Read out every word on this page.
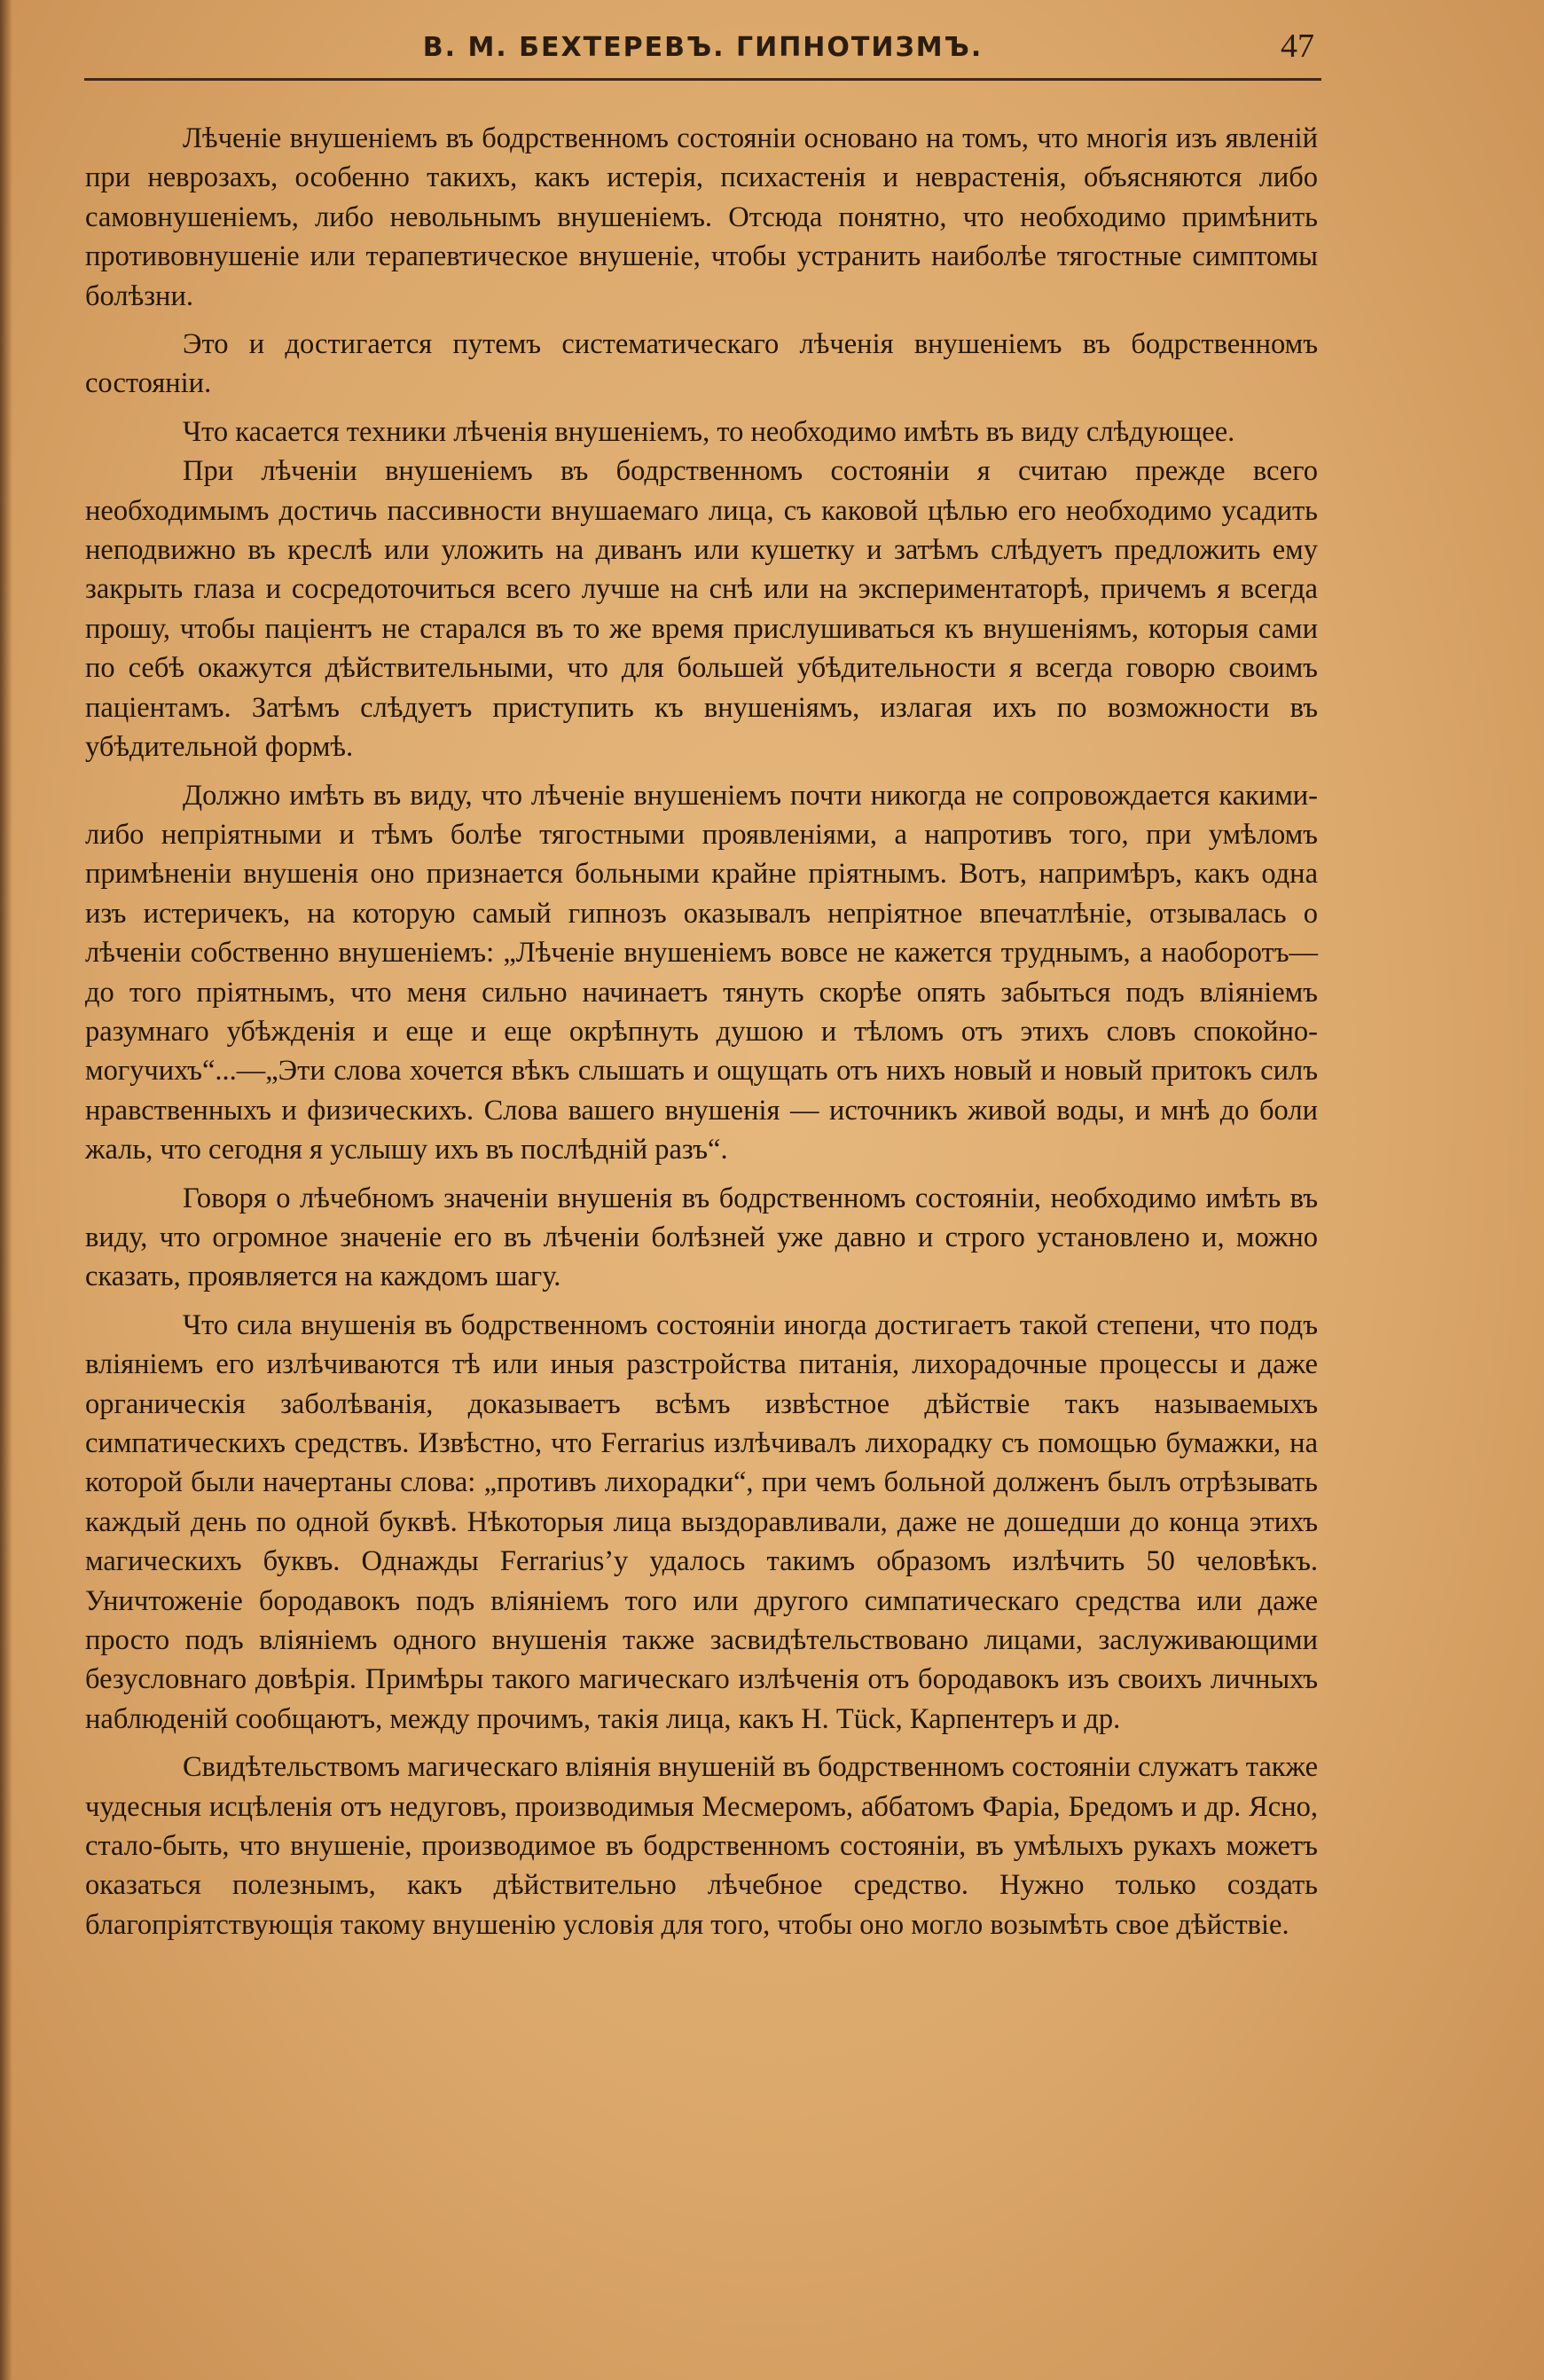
В. М. БЕХТЕРЕВЪ. ГИПНОТИЗМЪ.	47

Лѣченіе внушеніемъ въ бодрственномъ состояніи основано на томъ, что многія изъ явленій при неврозахъ, особенно такихъ, какъ истерія, психастенія и неврастенія, объясняются либо самовнушеніемъ, либо невольнымъ внушеніемъ. Отсюда понятно, что необходимо примѣнить противовнушеніе или терапевтическое внушеніе, чтобы устранить наиболѣе тягостные симптомы болѣзни.

Это и достигается путемъ систематическаго лѣченія внушеніемъ въ бодрственномъ состояніи.

Что касается техники лѣченія внушеніемъ, то необходимо имѣть въ виду слѣдующее.

При лѣченіи внушеніемъ въ бодрственномъ состояніи я считаю прежде всего необходимымъ достичь пассивности внушаемаго лица, съ каковой цѣлью его необходимо усадить неподвижно въ креслѣ или уложить на диванъ или кушетку и затѣмъ слѣдуетъ предложить ему закрыть глаза и сосредоточиться всего лучше на снѣ или на экспериментаторѣ, причемъ я всегда прошу, чтобы паціентъ не старался въ то же время прислушиваться къ внушеніямъ, которыя сами по себѣ окажутся дѣйствительными, что для большей убѣдительности я всегда говорю своимъ паціентамъ. Затѣмъ слѣдуетъ приступить къ внушеніямъ, излагая ихъ по возможности въ убѣдительной формѣ.

Должно имѣть въ виду, что лѣченіе внушеніемъ почти никогда не сопровождается какими-либо непріятными и тѣмъ болѣе тягостными проявленіями, а напротивъ того, при умѣломъ примѣненіи внушенія оно признается больными крайне пріятнымъ. Вотъ, напримѣръ, какъ одна изъ истеричекъ, на которую самый гипнозъ оказывалъ непріятное впечатлѣніе, отзывалась о лѣченіи собственно внушеніемъ: „Лѣченіе внушеніемъ вовсе не кажется труднымъ, а наоборотъ—до того пріятнымъ, что меня сильно начинаетъ тянуть скорѣе опять забыться подъ вліяніемъ разумнаго убѣжденія и еще и еще окрѣпнуть душою и тѣломъ отъ этихъ словъ спокойно-могучихъ“...—„Эти слова хочется вѣкъ слышать и ощущать отъ нихъ новый и новый притокъ силъ нравственныхъ и физическихъ. Слова вашего внушенія — источникъ живой воды, и мнѣ до боли жаль, что сегодня я услышу ихъ въ послѣдній разъ“.

Говоря о лѣчебномъ значеніи внушенія въ бодрственномъ состояніи, необходимо имѣть въ виду, что огромное значеніе его въ лѣченіи болѣзней уже давно и строго установлено и, можно сказать, проявляется на каждомъ шагу.

Что сила внушенія въ бодрственномъ состояніи иногда достигаетъ такой степени, что подъ вліяніемъ его излѣчиваются тѣ или иныя разстройства питанія, лихорадочные процессы и даже органическія заболѣванія, доказываетъ всѣмъ извѣстное дѣйствіе такъ называемыхъ симпатическихъ средствъ. Извѣстно, что Ferrarius излѣчивалъ лихорадку съ помощью бумажки, на которой были начертаны слова: „противъ лихорадки“, при чемъ больной долженъ былъ отрѣзывать каждый день по одной буквѣ. Нѣкоторыя лица выздоравливали, даже не дошедши до конца этихъ магическихъ буквъ. Однажды Ferrarius’у удалось такимъ образомъ излѣчить 50 человѣкъ. Уничтоженіе бородавокъ подъ вліяніемъ того или другого симпатическаго средства или даже просто подъ вліяніемъ одного внушенія также засвидѣтельствовано лицами, заслуживающими безусловнаго довѣрія. Примѣры такого магическаго излѣченія отъ бородавокъ изъ своихъ личныхъ наблюденій сообщаютъ, между прочимъ, такія лица, какъ Н. Tück, Карпентеръ и др.

Свидѣтельствомъ магическаго вліянія внушеній въ бодрственномъ состояніи служатъ также чудесныя исцѣленія отъ недуговъ, производимыя Месмеромъ, аббатомъ Фаріа, Бредомъ и др. Ясно, стало-быть, что внушеніе, производимое въ бодрственномъ состояніи, въ умѣлыхъ рукахъ можетъ оказаться полезнымъ, какъ дѣйствительно лѣчебное средство. Нужно только создать благопріятствующія такому внушенію условія для того, чтобы оно могло возымѣть свое дѣйствіе.
